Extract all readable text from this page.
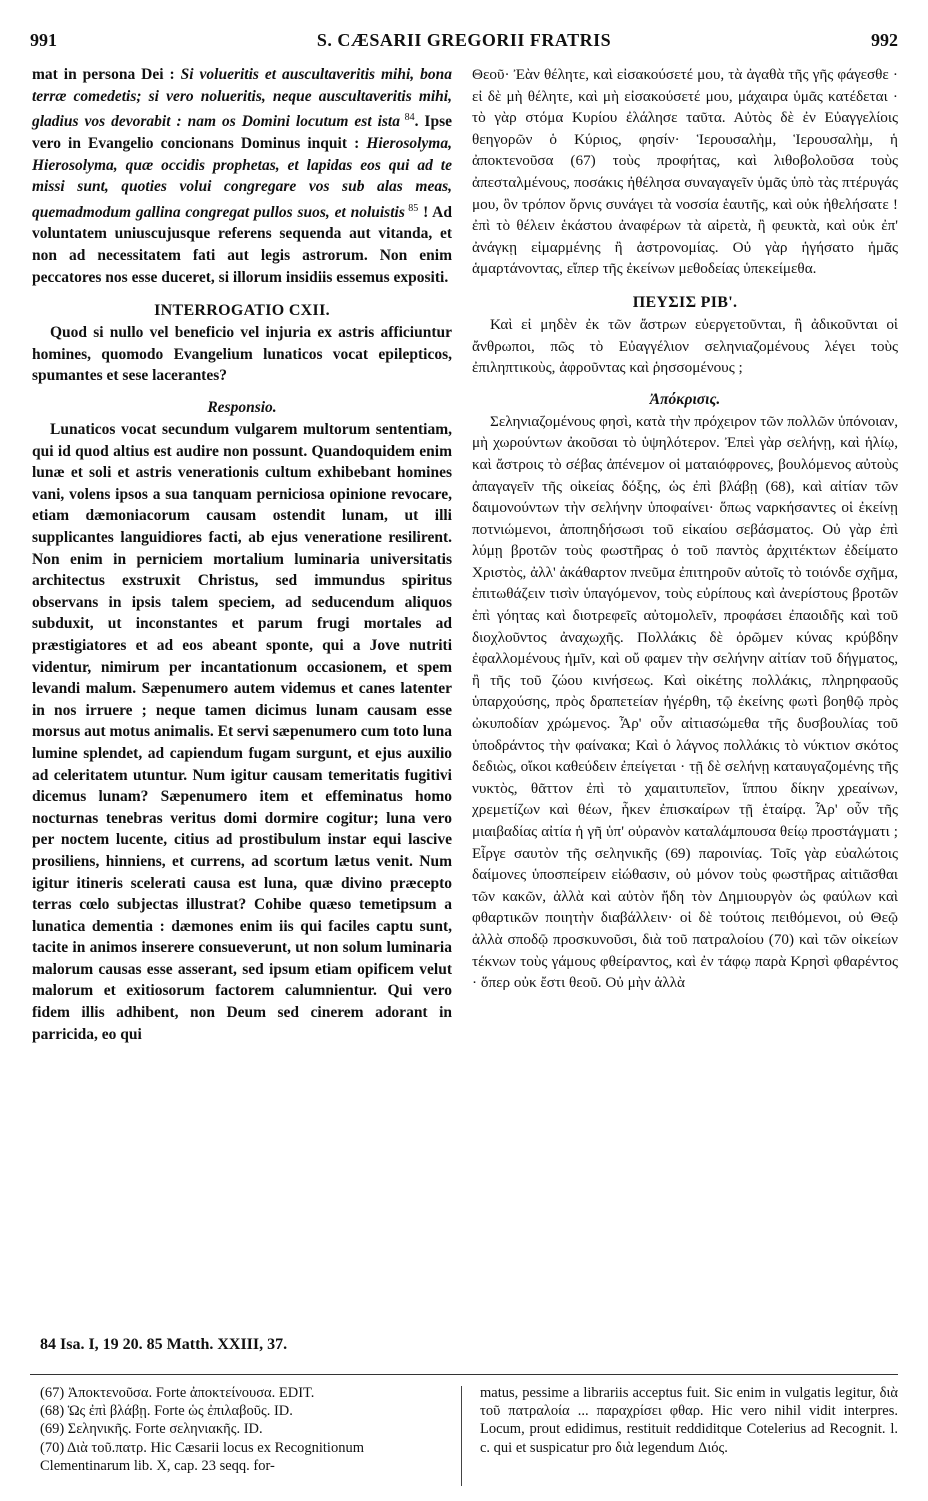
991	S. CÆSARII GREGORII FRATRIS	992

mat in persona Dei : Si volueritis et auscultaveritis mihi, bona terræ comedetis; si vero nolueritis, neque auscultaveritis mihi, gladius vos devorabit : nam os Domini locutum est ista $^{84}$. Ipse vero in Evangelio concionans Dominus inquit : Hierosolyma, Hierosolyma, quæ occidis prophetas, et lapidas eos qui ad te missi sunt, quoties volui congregare vos sub alas meas, quemadmodum gallina congregat pullos suos, et noluistis $^{85}$ ! Ad voluntatem uniuscujusque referens sequenda aut vitanda, et non ad necessitatem fati aut legis astrorum. Non enim peccatores nos esse duceret, si illorum insidiis essemus expositi.

INTERROGATIO CXII.

Quod si nullo vel beneficio vel injuria ex astris afficiuntur homines, quomodo Evangelium lunaticos vocat epilepticos, spumantes et sese lacerantes?

Responsio.

Lunaticos vocat secundum vulgarem multorum sententiam, qui id quod altius est audire non possunt. Quandoquidem enim lunæ et soli et astris venerationis cultum exhibebant homines vani, volens ipsos a sua tanquam perniciosa opinione revocare, etiam dæmoniacorum causam ostendit lunam, ut illi supplicantes languidiores facti, ab ejus veneratione resilirent. Non enim in perniciem mortalium luminaria universitatis architectus exstruxit Christus, sed immundus spiritus observans in ipsis talem speciem, ad seducendum aliquos subduxit, ut inconstantes et parum frugi mortales ad præstigiatores et ad eos abeant sponte, qui a Jove nutriti videntur, nimirum per incantationum occasionem, et spem levandi malum. Sæpenumero autem videmus et canes latenter in nos irruere ; neque tamen dicimus lunam causam esse morsus aut motus animalis. Et servi sæpenumero cum toto luna lumine splendet, ad capiendum fugam surgunt, et ejus auxilio ad celeritatem utuntur. Num igitur causam temeritatis fugitivi dicemus lunam? Sæpenumero item et effeminatus homo nocturnas tenebras veritus domi dormire cogitur; luna vero per noctem lucente, citius ad prostibulum instar equi lascive prosiliens, hinniens, et currens, ad scortum lætus venit. Num igitur itineris scelerati causa est luna, quæ divino præcepto terras cœlo subjectas illustrat? Cohibe quæso temetipsum a lunatica dementia : dæmones enim iis qui faciles captu sunt, tacite in animos inserere consueverunt, ut non solum luminaria malorum causas esse asserant, sed ipsum etiam opificem velut malorum et exitiosorum factorem calumnientur. Qui vero fidem illis adhibent, non Deum sed cinerem adorant in parricida, eo qui

Θεοῦ· Ἐὰν θέλητε, καὶ εἰσακούσετέ μου, τὰ ἀγαθὰ τῆς γῆς φάγεσθε · εἰ δὲ μὴ θέλητε, καὶ μὴ εἰσακούσετέ μου, μάχαιρα ὑμᾶς κατέδεται · τὸ γὰρ στόμα Κυρίου ἐλάλησε ταῦτα. Αὐτὸς δὲ ἐν Εὐαγγελίοις θεηγορῶν ὁ Κύριος, φησίν· Ἱερουσαλὴμ, Ἱερουσαλὴμ, ἡ ἀποκτενοῦσα (67) τοὺς προφήτας, καὶ λιθοβολοῦσα τοὺς ἀπεσταλμένους, ποσάκις ἠθέλησα συναγαγεῖν ὑμᾶς ὑπὸ τὰς πτέρυγάς μου, ὃν τρόπον ὄρνις συνάγει τὰ νοσσία ἑαυτῆς, καὶ οὐκ ἠθελήσατε ! ἐπὶ τὸ θέλειν ἑκάστου ἀναφέρων τὰ αἱρετὰ, ἢ φευκτὰ, καὶ οὐκ ἐπ' ἀνάγκῃ εἱμαρμένης ἢ ἀστρονομίας. Οὐ γὰρ ἡγήσατο ἡμᾶς ἁμαρτάνοντας, εἴπερ τῆς ἐκείνων μεθοδείας ὑπεκείμεθα.

ΠΕΥΣΙΣ ΡΙΒ'.

Καὶ εἰ μηδὲν ἐκ τῶν ἄστρων εὐεργετοῦνται, ἢ ἀδικοῦνται οἱ ἄνθρωποι, πῶς τὸ Εὐαγγέλιον σεληνιαζομένους λέγει τοὺς ἐπιληπτικοὺς, ἀφροῦντας καὶ ῥησσομένους ;

Ἀπόκρισις.

Σεληνιαζομένους φησὶ, κατὰ τὴν πρόχειρον τῶν πολλῶν ὑπόνοιαν, μὴ χωρούντων ἀκοῦσαι τὸ ὑψηλότερον. Ἐπεὶ γὰρ σελήνῃ, καὶ ἡλίῳ, καὶ ἄστροις τὸ σέβας ἀπένεμον οἱ ματαιόφρονες, βουλόμενος αὐτοὺς ἀπαγαγεῖν τῆς οἰκείας δόξης, ὡς ἐπὶ βλάβῃ (68), καὶ αἰτίαν τῶν δαιμονούντων τὴν σελήνην ὑποφαίνει· ὅπως ναρκήσαντες οἱ ἐκείνῃ ποτνιώμενοι, ἀποπηδήσωσι τοῦ εἰκαίου σεβάσματος. Οὐ γὰρ ἐπὶ λύμῃ βροτῶν τοὺς φωστῆρας ὁ τοῦ παντὸς ἀρχιτέκτων ἐδείματο Χριστὸς, ἀλλ' ἀκάθαρτον πνεῦμα ἐπιτηροῦν αὐτοῖς τὸ τοιόνδε σχῆμα, ἐπιτωθάζειν τισὶν ὑπαγόμενον, τοὺς εὐρίπους καὶ ἀνερίστους βροτῶν ἐπὶ γόητας καὶ διοτρεφεῖς αὐτομολεῖν, προφάσει ἐπαοιδῆς καὶ τοῦ διοχλοῦντος ἀναχωχῆς. Πολλάκις δὲ ὁρῶμεν κύνας κρύβδην ἐφαλλομένους ἡμῖν, καὶ οὔ φαμεν τὴν σελήνην αἰτίαν τοῦ δήγματος, ἢ τῆς τοῦ ζώου κινήσεως. Καὶ οἰκέτης πολλάκις, πληρηφαοῦς ὑπαρχούσης, πρὸς δραπετείαν ἠγέρθη, τῷ ἐκείνης φωτὶ βοηθῷ πρὸς ὠκυποδίαν χρώμενος. Ἆρ' οὖν αἰτιασώμεθα τῆς δυσβουλίας τοῦ ὑποδράντος τὴν φαίνακα; Καὶ ὁ λάγνος πολλάκις τὸ νύκτιον σκότος δεδιὼς, οἴκοι καθεύδειν ἐπείγεται · τῇ δὲ σελήνῃ καταυγαζομένης τῆς νυκτὸς, θᾶττον ἐπὶ τὸ χαμαιτυπεῖον, ἵππου δίκην χρεαίνων, χρεμετίζων καὶ θέων, ἧκεν ἐπισκαίρων τῇ ἑταίρᾳ. Ἆρ' οὖν τῆς μιαιβαδίας αἰτία ἡ γῆ ὑπ' οὐρανὸν καταλάμπουσα θείῳ προστάγματι ; Εἶργε σαυτὸν τῆς σεληνικῆς (69) παροινίας. Τοῖς γὰρ εὐαλώτοις δαίμονες ὑποσπείρειν εἰώθασιν, οὐ μόνον τοὺς φωστῆρας αἰτιᾶσθαι τῶν κακῶν, ἀλλὰ καὶ αὐτὸν ἤδη τὸν Δημιουργὸν ὡς φαύλων καὶ φθαρτικῶν ποιητὴν διαβάλλειν· οἱ δὲ τούτοις πειθόμενοι, οὐ Θεῷ ἀλλὰ σποδῷ προσκυνοῦσι, διὰ τοῦ πατραλοίου (70) καὶ τῶν οἰκείων τέκνων τοὺς γάμους φθείραντος, καὶ ἐν τάφῳ παρὰ Κρησὶ φθαρέντος · ὅπερ οὐκ ἔστι θεοῦ. Οὐ μὴν ἀλλὰ

84 Isa. I, 19 20. 85 Matth. XXIII, 37.
(67) Ἀποκτενοῦσα. Forte ἀποκτείνουσα. EDIT.
(68) Ὡς ἐπὶ βλάβῃ. Forte ὡς ἐπιλαβοῦς. ID.
(69) Σεληνικῆς. Forte σεληνιακῆς. ID.
(70) Διὰ τοῦ.πατρ. Hic Cæsarii locus ex Recognitionum Clementinarum lib. X, cap. 23 seqq. for-
matus, pessime a librariis acceptus fuit. Sic enim in vulgatis legitur, διὰ τοῦ πατραλοία ... παραχρίσει φθαρ. Hic vero nihil vidit interpres. Locum, prout edidimus, restituit reddiditque Cotelerius ad Recognit. l. c. qui et suspicatur pro διὰ legendum Διός.
